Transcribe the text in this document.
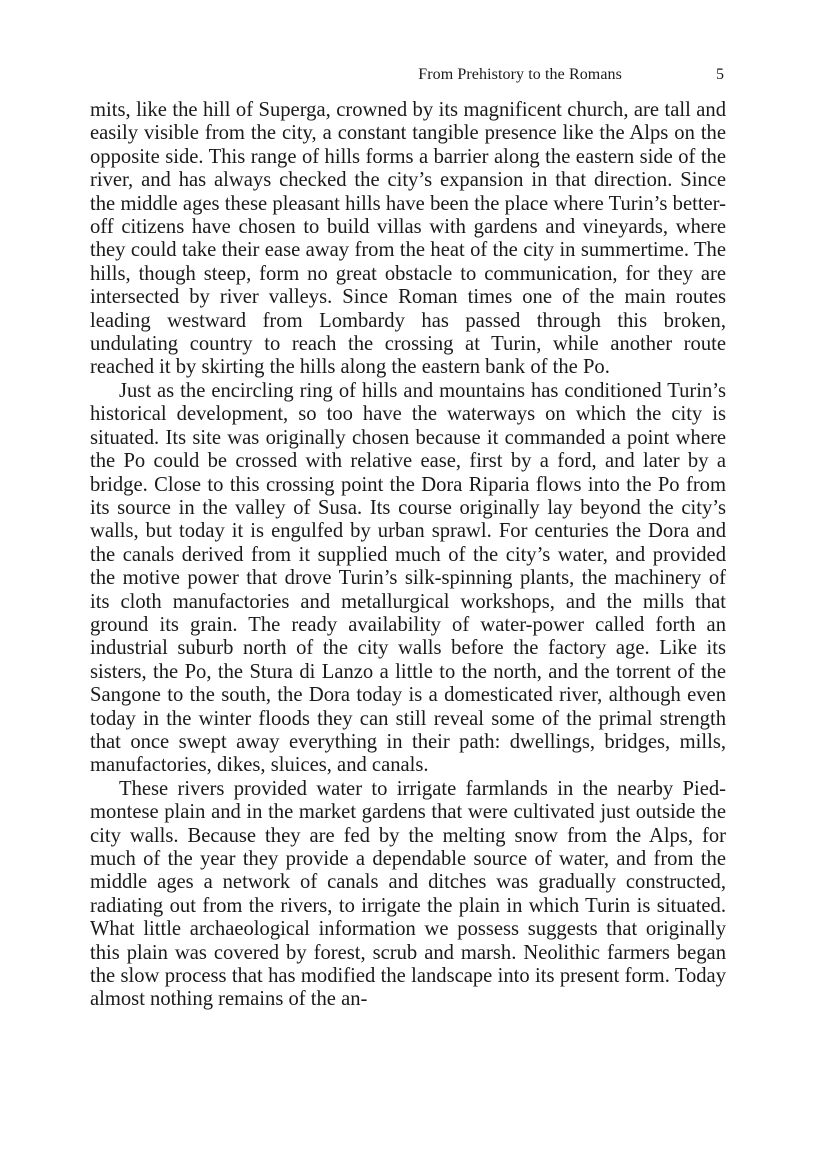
From Prehistory to the Romans	5

mits, like the hill of Superga, crowned by its magnificent church, are tall and easily visible from the city, a constant tangible presence like the Alps on the opposite side. This range of hills forms a barrier along the eastern side of the river, and has always checked the city’s expansion in that direction. Since the middle ages these pleasant hills have been the place where Turin’s better-off citizens have chosen to build villas with gardens and vineyards, where they could take their ease away from the heat of the city in summertime. The hills, though steep, form no great obstacle to communication, for they are intersected by river valleys. Since Roman times one of the main routes leading westward from Lombardy has passed through this broken, undulating country to reach the crossing at Turin, while another route reached it by skirting the hills along the eastern bank of the Po.

Just as the encircling ring of hills and mountains has conditioned Turin’s historical development, so too have the waterways on which the city is situated. Its site was originally chosen because it commanded a point where the Po could be crossed with relative ease, first by a ford, and later by a bridge. Close to this crossing point the Dora Riparia flows into the Po from its source in the valley of Susa. Its course originally lay beyond the city’s walls, but today it is engulfed by urban sprawl. For centuries the Dora and the canals derived from it supplied much of the city’s water, and provided the motive power that drove Turin’s silk-spinning plants, the machinery of its cloth manufactories and metallurgical workshops, and the mills that ground its grain. The ready availability of water-power called forth an industrial suburb north of the city walls before the factory age. Like its sisters, the Po, the Stura di Lanzo a little to the north, and the torrent of the Sangone to the south, the Dora today is a domesticated river, although even today in the winter floods they can still reveal some of the primal strength that once swept away everything in their path: dwellings, bridges, mills, manufactories, dikes, sluices, and canals.

These rivers provided water to irrigate farmlands in the nearby Piedmontese plain and in the market gardens that were cultivated just outside the city walls. Because they are fed by the melting snow from the Alps, for much of the year they provide a dependable source of water, and from the middle ages a network of canals and ditches was gradually constructed, radiating out from the rivers, to irrigate the plain in which Turin is situated. What little archaeological information we possess suggests that originally this plain was covered by forest, scrub and marsh. Neolithic farmers began the slow process that has modified the landscape into its present form. Today almost nothing remains of the an-
